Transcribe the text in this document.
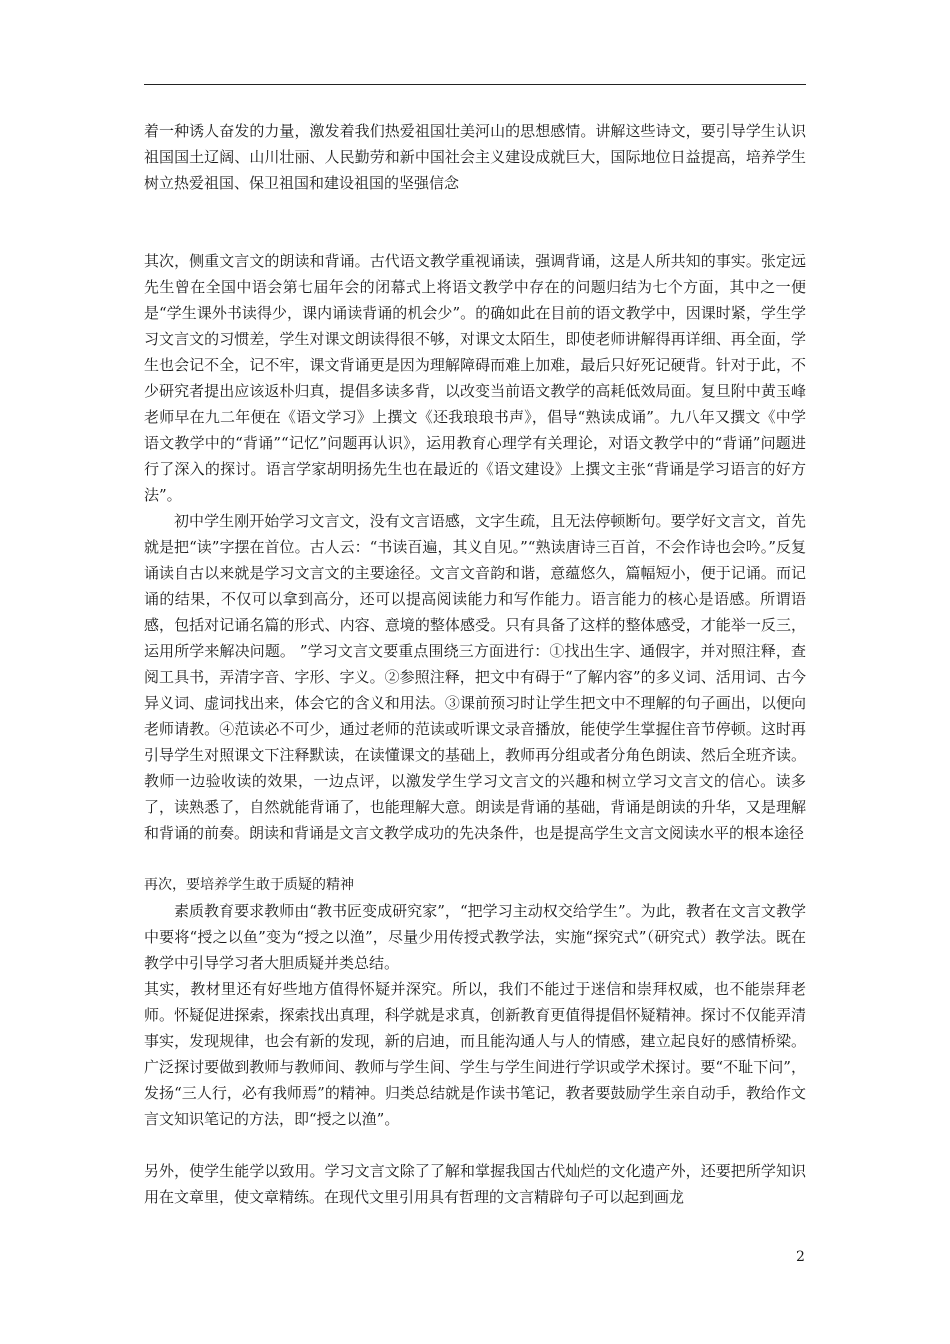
着一种诱人奋发的力量，激发着我们热爱祖国壮美河山的思想感情。讲解这些诗文，要引导学生认识祖国国土辽阔、山川壮丽、人民勤劳和新中国社会主义建设成就巨大，国际地位日益提高，培养学生树立热爱祖国、保卫祖国和建设祖国的坚强信念

其次，侧重文言文的朗读和背诵。古代语文教学重视诵读，强调背诵，这是人所共知的事实。张定远先生曾在全国中语会第七届年会的闭幕式上将语文教学中存在的问题归结为七个方面，其中之一便是“学生课外书读得少，课内诵读背诵的机会少”。的确如此在目前的语文教学中，因课时紧，学生学习文言文的习惯差，学生对课文朗读得很不够，对课文太陌生，即使老师讲解得再详细、再全面，学生也会记不全，记不牢，课文背诵更是因为理解障碍而难上加难，最后只好死记硬背。针对于此，不少研究者提出应该返朴归真，提倡多读多背，以改变当前语文教学的高耗低效局面。复旦附中黄玉峰老师早在九二年便在《语文学习》上撰文《还我琅琅书声》，倡导“熟读成诵”。九八年又撰文《中学语文教学中的“背诵”“记忆”问题再认识》，运用教育心理学有关理论，对语文教学中的“背诵”问题进行了深入的探讨。语言学家胡明扬先生也在最近的《语文建设》上撰文主张“背诵是学习语言的好方法”。

初中学生刚开始学习文言文，没有文言语感，文字生疏，且无法停顿断句。要学好文言文，首先就是把“读”字摆在首位。古人云：“书读百遍，其义自见。”“熟读唐诗三百首，不会作诗也会吟。”反复诵读自古以来就是学习文言文的主要途径。文言文音韵和谐，意蕴悠久，篇幅短小，便于记诵。而记诵的结果，不仅可以拿到高分，还可以提高阅读能力和写作能力。语言能力的核心是语感。所谓语感，包括对记诵名篇的形式、内容、意境的整体感受。只有具备了这样的整体感受，才能举一反三，运用所学来解决问题。 ”学习文言文要重点围绕三方面进行：①找出生字、通假字，并对照注释，查阅工具书，弄清字音、字形、字义。②参照注释，把文中有碍于“了解内容”的多义词、活用词、古今异义词、虚词找出来，体会它的含义和用法。③课前预习时让学生把文中不理解的句子画出，以便向老师请教。④范读必不可少，通过老师的范读或听课文录音播放，能使学生掌握住音节停顿。这时再引导学生对照课文下注释默读，在读懂课文的基础上，教师再分组或者分角色朗读、然后全班齐读。教师一边验收读的效果，一边点评，以激发学生学习文言文的兴趣和树立学习文言文的信心。读多了，读熟悉了，自然就能背诵了，也能理解大意。朗读是背诵的基础，背诵是朗读的升华，又是理解和背诵的前奏。朗读和背诵是文言文教学成功的先决条件，也是提高学生文言文阅读水平的根本途径

再次，要培养学生敢于质疑的精神

素质教育要求教师由“教书匠变成研究家”，“把学习主动权交给学生”。为此，教者在文言文教学中要将“授之以鱼”变为“授之以渔”，尽量少用传授式教学法，实施“探究式”（研究式）教学法。既在教学中引导学习者大胆质疑并类总结。

其实，教材里还有好些地方值得怀疑并深究。所以，我们不能过于迷信和崇拜权威，也不能崇拜老师。怀疑促进探索，探索找出真理，科学就是求真，创新教育更值得提倡怀疑精神。探讨不仅能弄清事实，发现规律，也会有新的发现，新的启迪，而且能沟通人与人的情感，建立起良好的感情桥梁。广泛探讨要做到教师与教师间、教师与学生间、学生与学生间进行学识或学术探讨。要“不耻下问”，发扬“三人行，必有我师焉”的精神。归类总结就是作读书笔记，教者要鼓励学生亲自动手，教给作文言文知识笔记的方法，即“授之以渔”。

另外，使学生能学以致用。学习文言文除了了解和掌握我国古代灿烂的文化遗产外，还要把所学知识用在文章里，使文章精练。在现代文里引用具有哲理的文言精辟句子可以起到画龙

2
